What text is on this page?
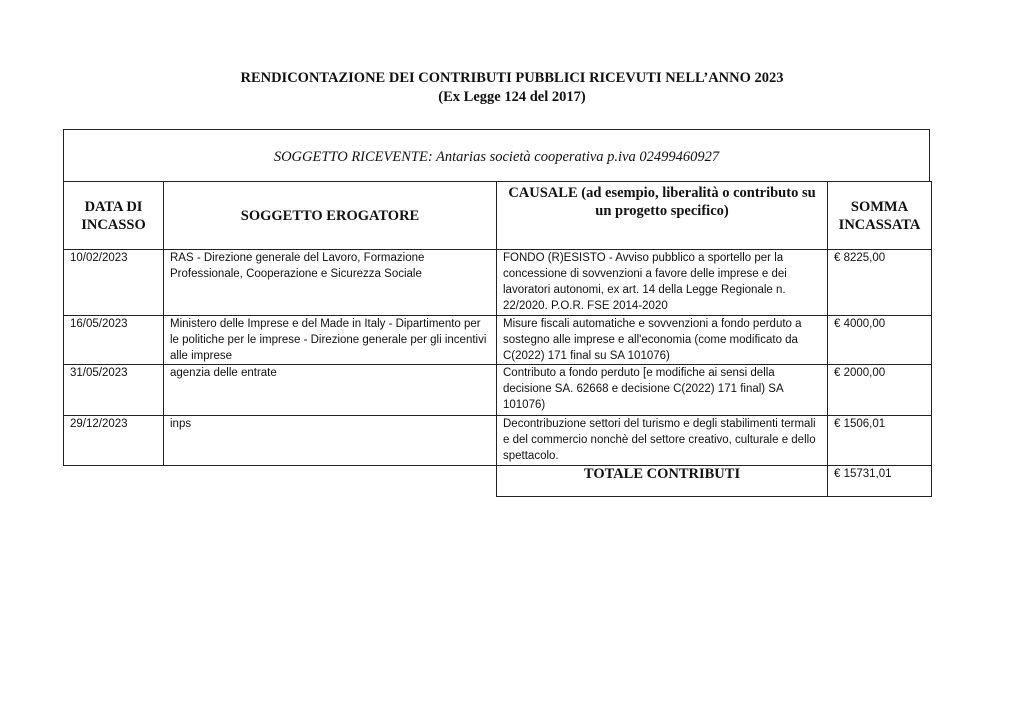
RENDICONTAZIONE DEI CONTRIBUTI PUBBLICI RICEVUTI NELL’ANNO 2023
(Ex Legge 124 del 2017)
SOGGETTO RICEVENTE: Antarias società cooperativa p.iva 02499460927
DATA DI INCASSO	SOGGETTO EROGATORE	CAUSALE (ad esempio, liberalità o contributo su un progetto specifico)	SOMMA INCASSATA
10/02/2023	RAS - Direzione generale del Lavoro, Formazione Professionale, Cooperazione e Sicurezza Sociale	FONDO (R)ESISTO - Avviso pubblico a sportello per la concessione di sovvenzioni a favore delle imprese e dei lavoratori autonomi, ex art. 14 della Legge Regionale n. 22/2020. P.O.R. FSE 2014-2020	€ 8225,00
16/05/2023	Ministero delle Imprese e del Made in Italy - Dipartimento per le politiche per le imprese - Direzione generale per gli incentivi alle imprese	Misure fiscali automatiche e sovvenzioni a fondo perduto a sostegno alle imprese e all'economia (come modificato da C(2022) 171 final su SA 101076)	€ 4000,00
31/05/2023	agenzia delle entrate	Contributo a fondo perduto [e modifiche ai sensi della decisione SA. 62668 e decisione C(2022) 171 final) SA 101076)	€ 2000,00
29/12/2023	inps	Decontribuzione settori del turismo e degli stabilimenti termali e del commercio nonchè del settore creativo, culturale e dello spettacolo.	€ 1506,01
		TOTALE CONTRIBUTI	€ 15731,01
